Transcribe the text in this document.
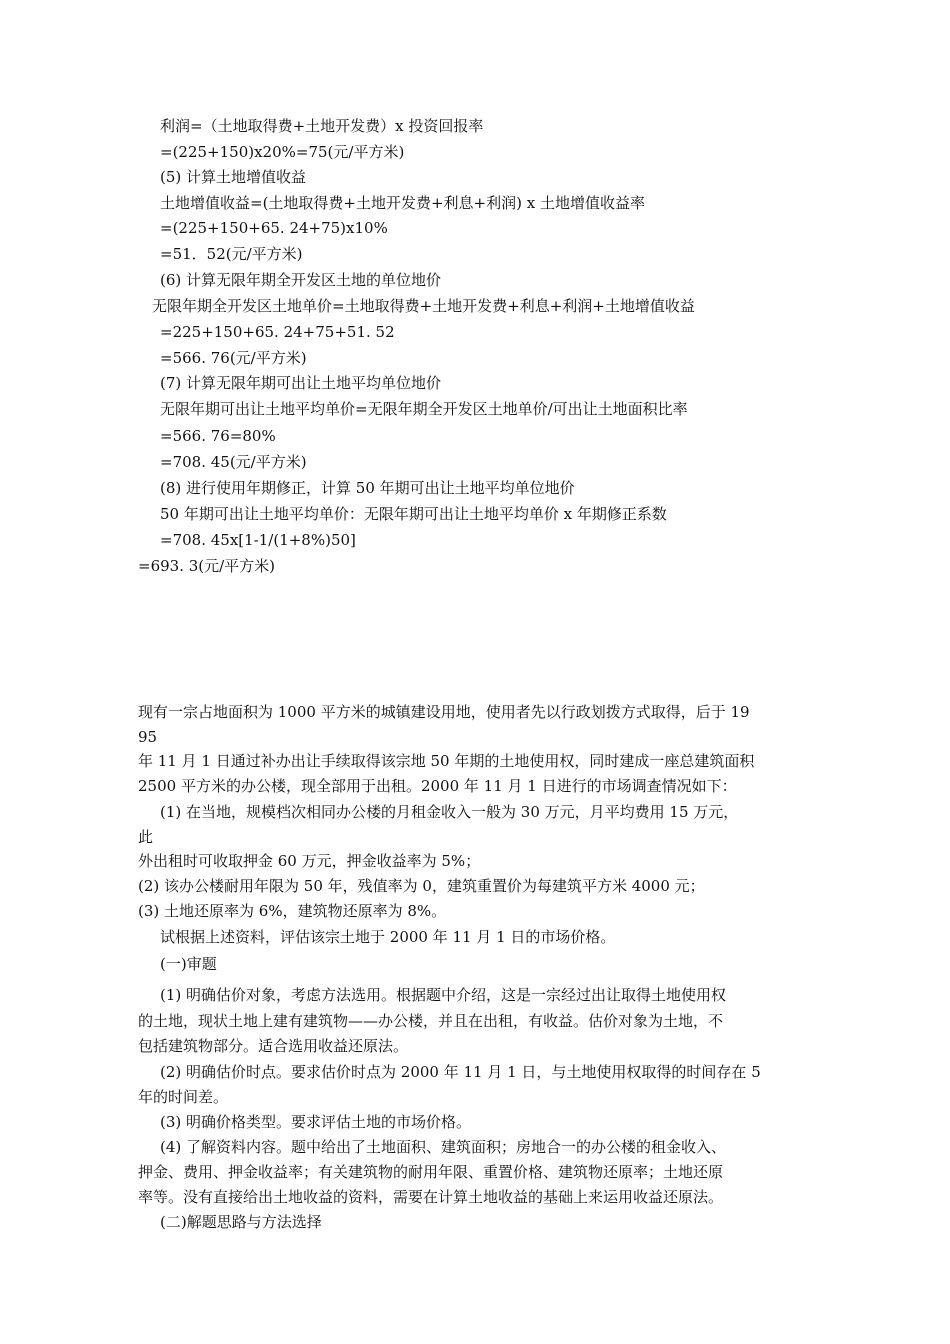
利润=（土地取得费+土地开发费）x 投资回报率
=(225+150)x20%=75(元/平方米)
(5) 计算土地增值收益
土地增值收益=(土地取得费+土地开发费+利息+利润) x 土地增值收益率
=(225+150+65. 24+75)x10%
=51．52(元/平方米)
(6) 计算无限年期全开发区土地的单位地价
无限年期全开发区土地单价=土地取得费+土地开发费+利息+利润+土地增值收益
=225+150+65. 24+75+51. 52
=566. 76(元/平方米)
(7) 计算无限年期可出让土地平均单位地价
无限年期可出让土地平均单价=无限年期全开发区土地单价/可出让土地面积比率
=566. 76=80%
=708. 45(元/平方米)
(8) 进行使用年期修正，计算 50 年期可出让土地平均单位地价
50 年期可出让土地平均单价：无限年期可出让土地平均单价 x 年期修正系数
=708. 45x[1-1/(1+8%)50]
=693. 3(元/平方米)
现有一宗占地面积为 1000 平方米的城镇建设用地，使用者先以行政划拨方式取得，后于 19
95
年 11 月 1 日通过补办出让手续取得该宗地 50 年期的土地使用权，同时建成一座总建筑面积
2500 平方米的办公楼，现全部用于出租。2000 年 11 月 1 日进行的市场调查情况如下：
(1) 在当地，规模档次相同办公楼的月租金收入一般为 30 万元，月平均费用 15 万元，
此
外出租时可收取押金 60 万元，押金收益率为 5%；
(2) 该办公楼耐用年限为 50 年，残值率为 0，建筑重置价为每建筑平方米 4000 元；
(3) 土地还原率为 6%，建筑物还原率为 8%。
试根据上述资料，评估该宗土地于 2000 年 11 月 1 日的市场价格。
(一)审题
(1) 明确估价对象，考虑方法选用。根据题中介绍，这是一宗经过出让取得土地使用权
的土地，现状土地上建有建筑物——办公楼，并且在出租，有收益。估价对象为土地，不
包括建筑物部分。适合选用收益还原法。
(2) 明确估价时点。要求估价时点为 2000 年 11 月 1 日，与土地使用权取得的时间存在 5
年的时间差。
(3) 明确价格类型。要求评估土地的市场价格。
(4) 了解资料内容。题中给出了土地面积、建筑面积；房地合一的办公楼的租金收入、
押金、费用、押金收益率；有关建筑物的耐用年限、重置价格、建筑物还原率；土地还原
率等。没有直接给出土地收益的资料，需要在计算土地收益的基础上来运用收益还原法。
(二)解题思路与方法选择
